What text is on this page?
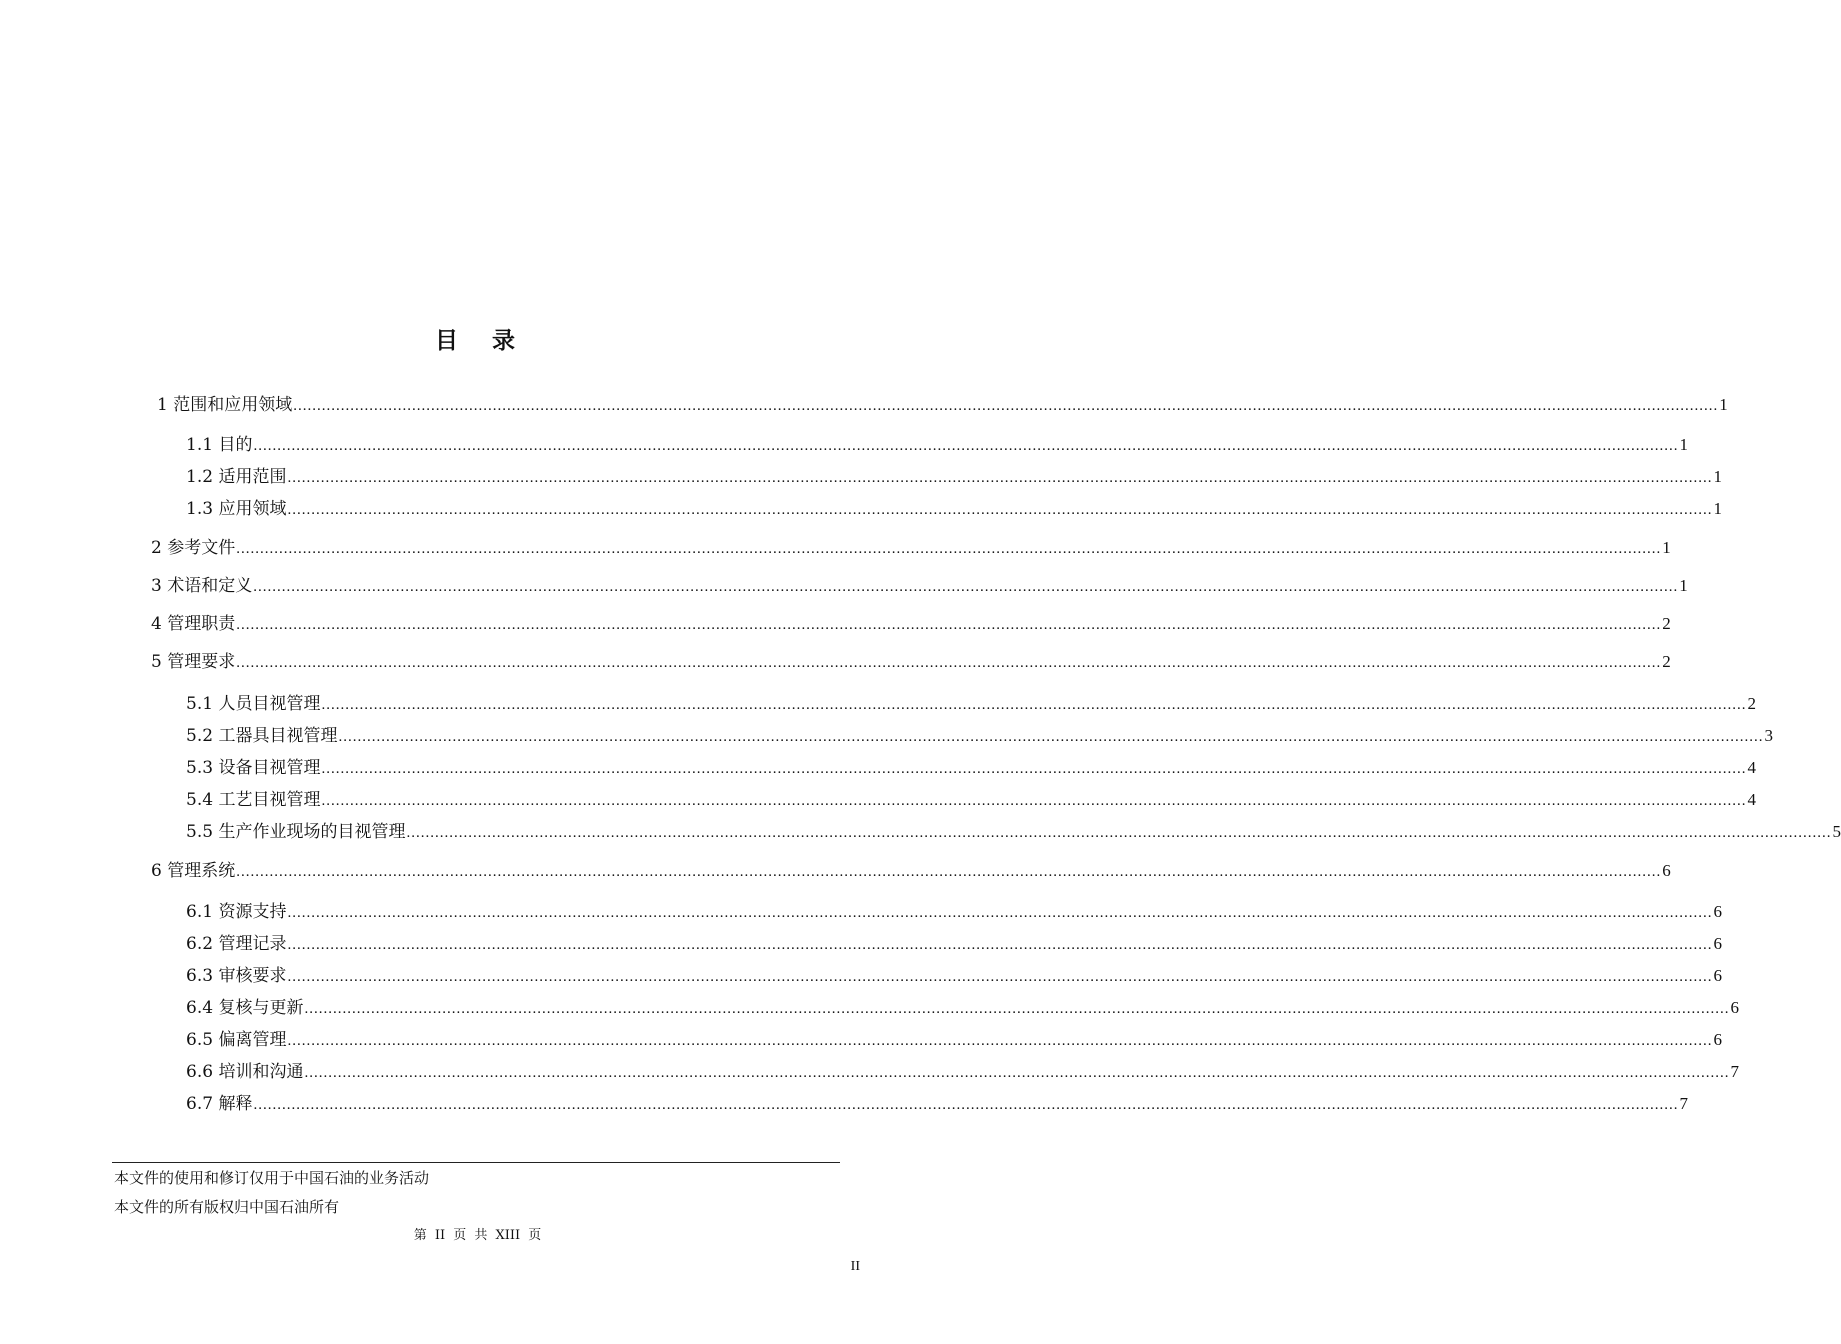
目录
1 范围和应用领域 ............................................................................................................................................................................................................................................................................................................ 1
1.1 目的 ............................................................................................................................................................................................................................................................................................................ 1
1.2 适用范围 ............................................................................................................................................................................................................................................................................................................ 1
1.3 应用领域 ............................................................................................................................................................................................................................................................................................................ 1
2 参考文件 ............................................................................................................................................................................................................................................................................................................ 1
3 术语和定义 ............................................................................................................................................................................................................................................................................................................ 1
4 管理职责 ............................................................................................................................................................................................................................................................................................................ 2
5 管理要求 ............................................................................................................................................................................................................................................................................................................ 2
5.1 人员目视管理 ............................................................................................................................................................................................................................................................................................................ 2
5.2 工器具目视管理 ............................................................................................................................................................................................................................................................................................................ 3
5.3 设备目视管理 ............................................................................................................................................................................................................................................................................................................ 4
5.4 工艺目视管理 ............................................................................................................................................................................................................................................................................................................ 4
5.5 生产作业现场的目视管理 ............................................................................................................................................................................................................................................................................................................ 5
6 管理系统 ............................................................................................................................................................................................................................................................................................................ 6
6.1 资源支持 ............................................................................................................................................................................................................................................................................................................ 6
6.2 管理记录 ............................................................................................................................................................................................................................................................................................................ 6
6.3 审核要求 ............................................................................................................................................................................................................................................................................................................ 6
6.4 复核与更新 ............................................................................................................................................................................................................................................................................................................ 6
6.5 偏离管理 ............................................................................................................................................................................................................................................................................................................ 6
6.6 培训和沟通 ............................................................................................................................................................................................................................................................................................................ 7
6.7 解释 ............................................................................................................................................................................................................................................................................................................ 7
本文件的使用和修订仅用于中国石油的业务活动
本文件的所有版权归中国石油所有
第 II 页 共 XIII 页
II
